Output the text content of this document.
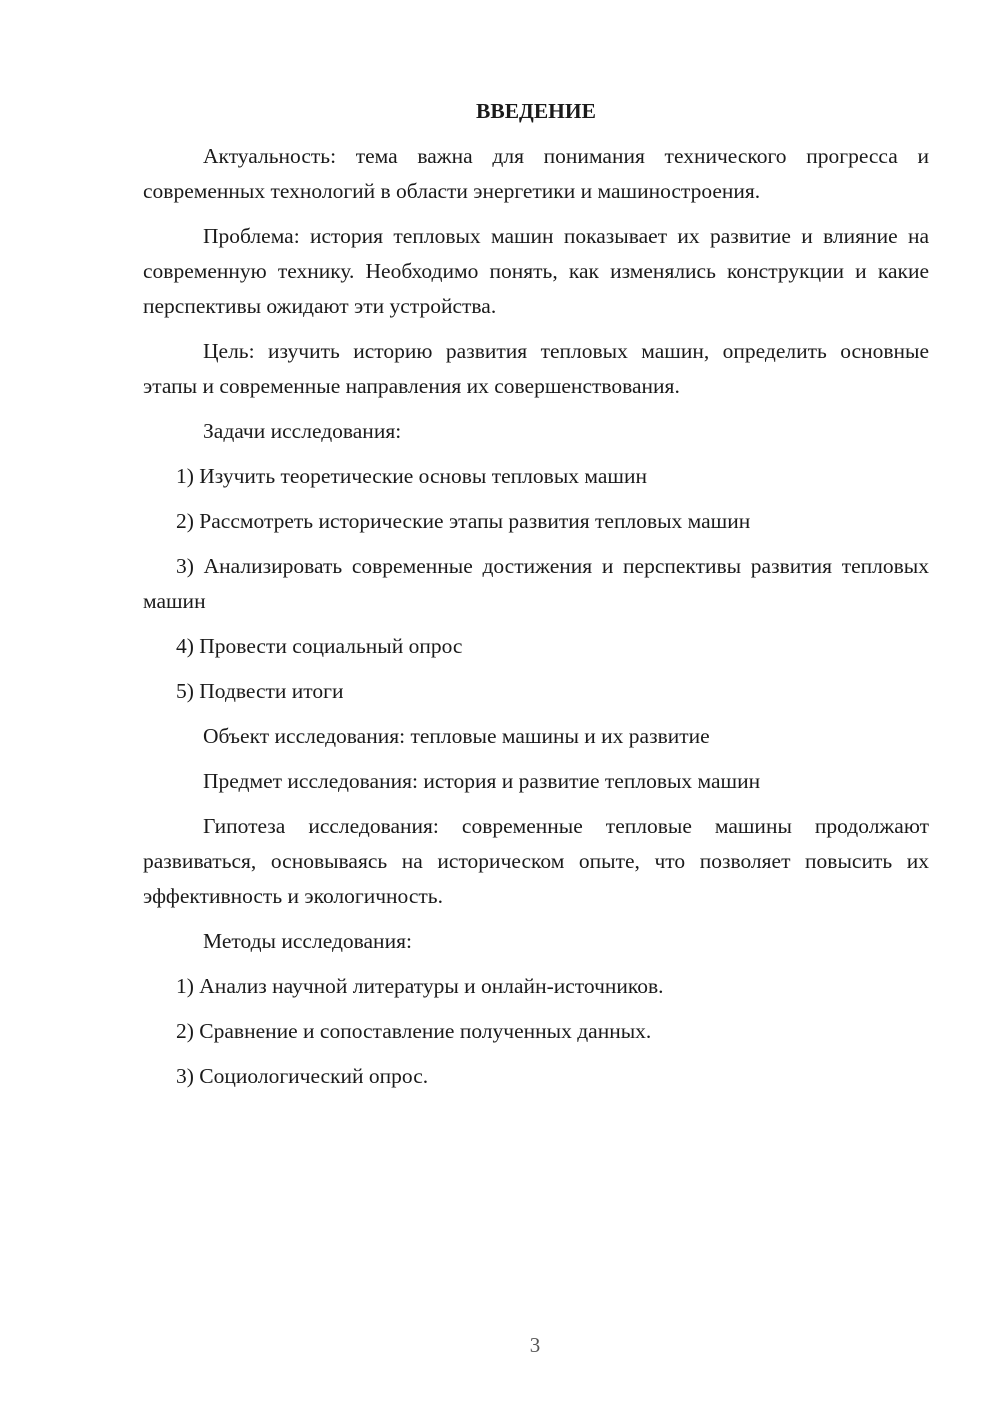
ВВЕДЕНИЕ

Актуальность: тема важна для понимания технического прогресса и современных технологий в области энергетики и машиностроения.

Проблема: история тепловых машин показывает их развитие и влияние на современную технику. Необходимо понять, как изменялись конструкции и какие перспективы ожидают эти устройства.

Цель: изучить историю развития тепловых машин, определить основные этапы и современные направления их совершенствования.

Задачи исследования:

1) Изучить теоретические основы тепловых машин

2) Рассмотреть исторические этапы развития тепловых машин

3) Анализировать современные достижения и перспективы развития тепловых машин

4) Провести социальный опрос

5) Подвести итоги

Объект исследования: тепловые машины и их развитие

Предмет исследования: история и развитие тепловых машин

Гипотеза исследования: современные тепловые машины продолжают развиваться, основываясь на историческом опыте, что позволяет повысить их эффективность и экологичность.

Методы исследования:

1) Анализ научной литературы и онлайн-источников.

2) Сравнение и сопоставление полученных данных.

3) Социологический опрос.

3
